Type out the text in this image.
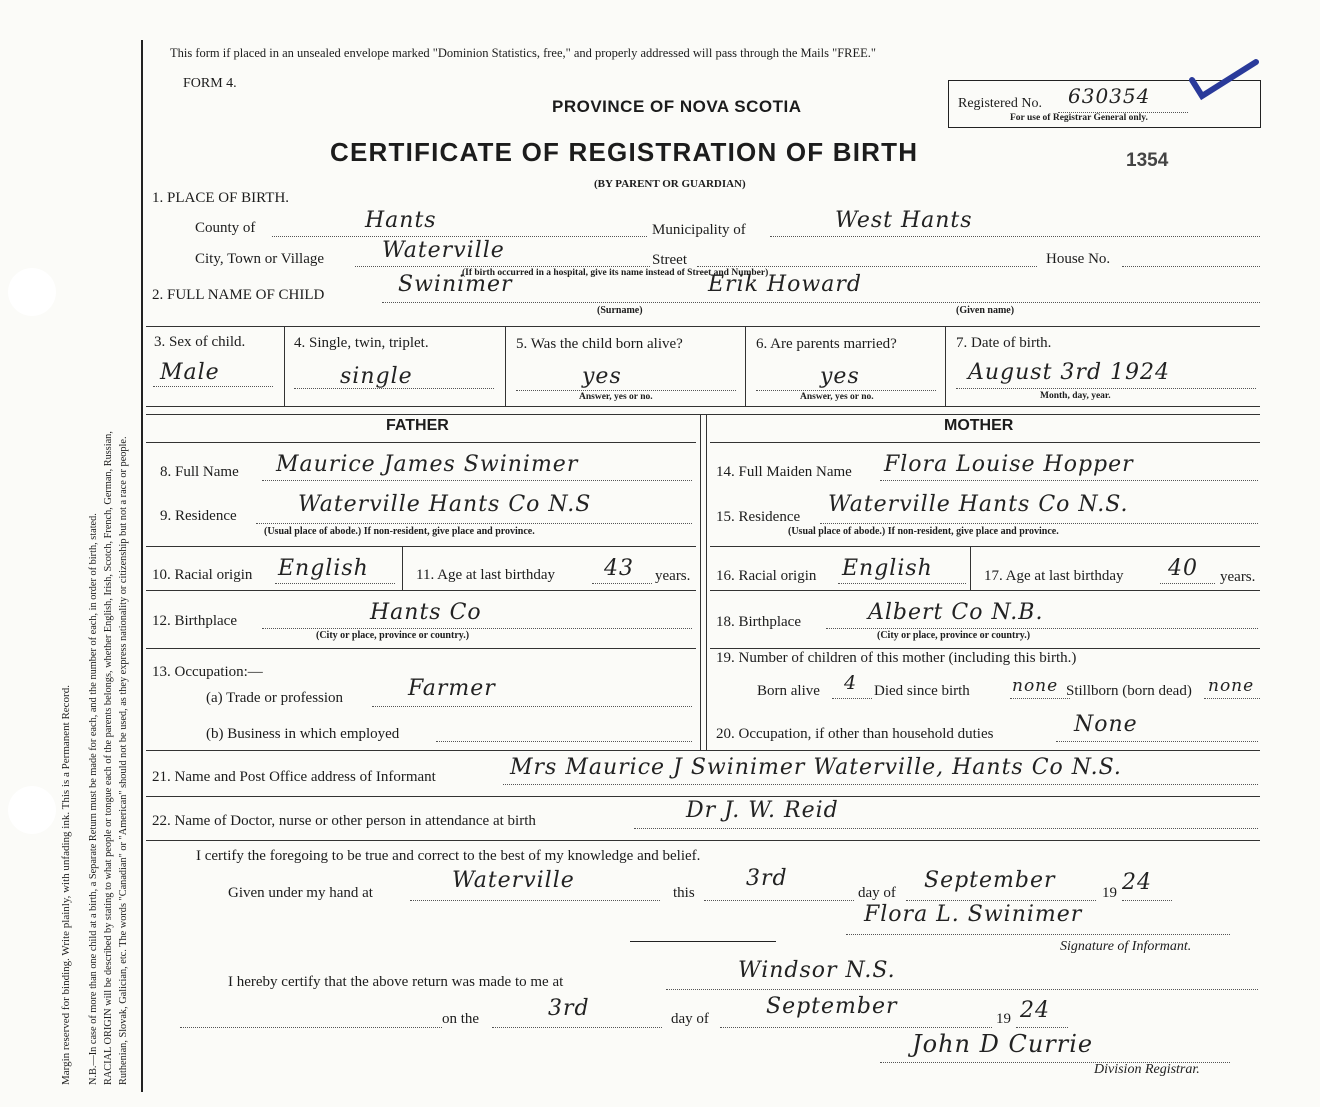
Margin reserved for binding. Write plainly, with unfading ink. This is a Permanent Record. N.B.—In case of more than one child at a birth, a Separate Return must be made for each, and the number of each, in order of birth, stated. RACIAL ORIGIN will be described by stating to what people or tongue each of the parents belongs, whether English, Irish, Scotch, French, German, Russian, Ruthenian, Slovak, Galician, etc. The words "Canadian" or "American" should not be used, as they express nationality or citizenship but not a race or people.
This form if placed in an unsealed envelope marked "Dominion Statistics, free," and properly addressed will pass through the Mails "FREE."
FORM 4.
PROVINCE OF NOVA SCOTIA
CERTIFICATE OF REGISTRATION OF BIRTH
(BY PARENT OR GUARDIAN)
1354
Registered No. 630354
For use of Registrar General only.
1. PLACE OF BIRTH.
County of	Hants	Municipality of	West Hants
City, Town or Village	Waterville	Street	House No.
(If birth occurred in a hospital, give its name instead of Street and Number)
2. FULL NAME OF CHILD	Swinimer	Erik Howard
(Surname)	(Given name)
3. Sex of child.
Male
4. Single, twin, triplet.
single
5. Was the child born alive?
yes
Answer, yes or no.
6. Are parents married?
yes
Answer, yes or no.
7. Date of birth.
August 3rd 1924
Month, day, year.
FATHER	MOTHER
8. Full Name Maurice James Swinimer
9. Residence	Waterville Hants Co N.S
(Usual place of abode.) If non-resident, give place and province.
10. Racial origin English	11. Age at last birthday 43 years.
12. Birthplace	Hants Co
(City or place, province or country.)
13. Occupation:—
(a) Trade or profession	Farmer
(b) Business in which employed
14. Full Maiden Name Flora Louise Hopper
15. Residence Waterville Hants Co N.S.
(Usual place of abode.) If non-resident, give place and province.
16. Racial origin English	17. Age at last birthday 40 years.
18. Birthplace	Albert Co N.B.
(City or place, province or country.)
19. Number of children of this mother (including this birth.)
Born alive 4 Died since birth none Stillborn (born dead) none
20. Occupation, if other than household duties	None
21. Name and Post Office address of Informant	Mrs Maurice J Swinimer Waterville, Hants Co N.S.
22. Name of Doctor, nurse or other person in attendance at birth	Dr J. W. Reid
I certify the foregoing to be true and correct to the best of my knowledge and belief.
Given under my hand at	Waterville	this
3rd
day of September	19 24
Flora L. Swinimer
Signature of Informant.
I hereby certify that the above return was made to me at	Windsor N.S.
on the	3rd	day of	September	19 24
John D Currie
Division Registrar.
